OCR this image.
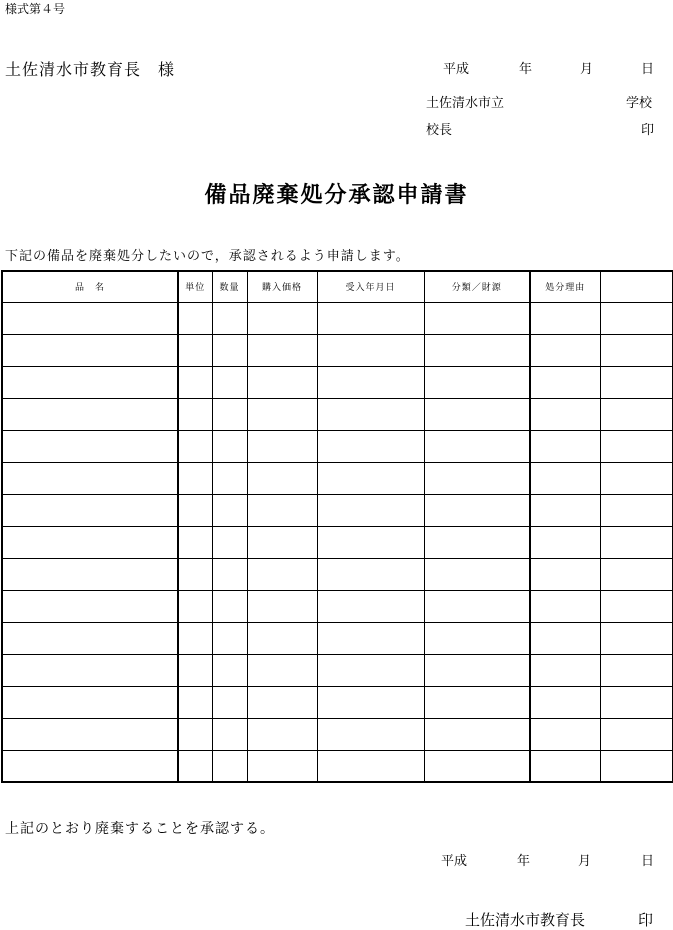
様式第４号
土佐清水市教育長　様	平成	年	月	日
土佐清水市立	学校
校長	印
備品廃棄処分承認申請書
下記の備品を廃棄処分したいので，承認されるよう申請します。
品　名	単位	数量	購入価格	受入年月日	分類／財源	処分理由	

上記のとおり廃棄することを承認する。
平成	年	月	日
土佐清水市教育長	印
